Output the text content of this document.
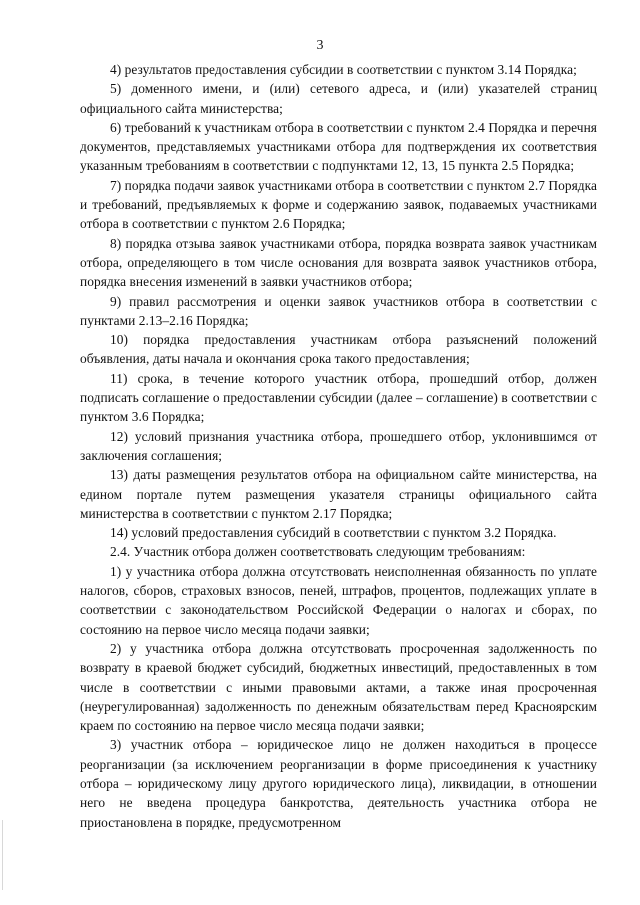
3

4) результатов предоставления субсидии в соответствии с пунктом 3.14 Порядка;

5) доменного имени, и (или) сетевого адреса, и (или) указателей страниц официального сайта министерства;

6) требований к участникам отбора в соответствии с пунктом 2.4 Порядка и перечня документов, представляемых участниками отбора для подтверждения их соответствия указанным требованиям в соответствии с подпунктами 12, 13, 15 пункта 2.5 Порядка;

7) порядка подачи заявок участниками отбора в соответствии с пунктом 2.7 Порядка и требований, предъявляемых к форме и содержанию заявок, подаваемых участниками отбора в соответствии с пунктом 2.6 Порядка;

8) порядка отзыва заявок участниками отбора, порядка возврата заявок участникам отбора, определяющего в том числе основания для возврата заявок участников отбора, порядка внесения изменений в заявки участников отбора;

9) правил рассмотрения и оценки заявок участников отбора в соответствии с пунктами 2.13–2.16 Порядка;

10) порядка предоставления участникам отбора разъяснений положений объявления, даты начала и окончания срока такого предоставления;

11) срока, в течение которого участник отбора, прошедший отбор, должен подписать соглашение о предоставлении субсидии (далее – соглашение) в соответствии с пунктом 3.6 Порядка;

12) условий признания участника отбора, прошедшего отбор, уклонившимся от заключения соглашения;

13) даты размещения результатов отбора на официальном сайте министерства, на едином портале путем размещения указателя страницы официального сайта министерства в соответствии с пунктом 2.17 Порядка;

14) условий предоставления субсидий в соответствии с пунктом 3.2 Порядка.

2.4. Участник отбора должен соответствовать следующим требованиям:

1) у участника отбора должна отсутствовать неисполненная обязанность по уплате налогов, сборов, страховых взносов, пеней, штрафов, процентов, подлежащих уплате в соответствии с законодательством Российской Федерации о налогах и сборах, по состоянию на первое число месяца подачи заявки;

2) у участника отбора должна отсутствовать просроченная задолженность по возврату в краевой бюджет субсидий, бюджетных инвестиций, предоставленных в том числе в соответствии с иными правовыми актами, а также иная просроченная (неурегулированная) задолженность по денежным обязательствам перед Красноярским краем по состоянию на первое число месяца подачи заявки;

3) участник отбора – юридическое лицо не должен находиться в процессе реорганизации (за исключением реорганизации в форме присоединения к участнику отбора – юридическому лицу другого юридического лица), ликвидации, в отношении него не введена процедура банкротства, деятельность участника отбора не приостановлена в порядке, предусмотренном
